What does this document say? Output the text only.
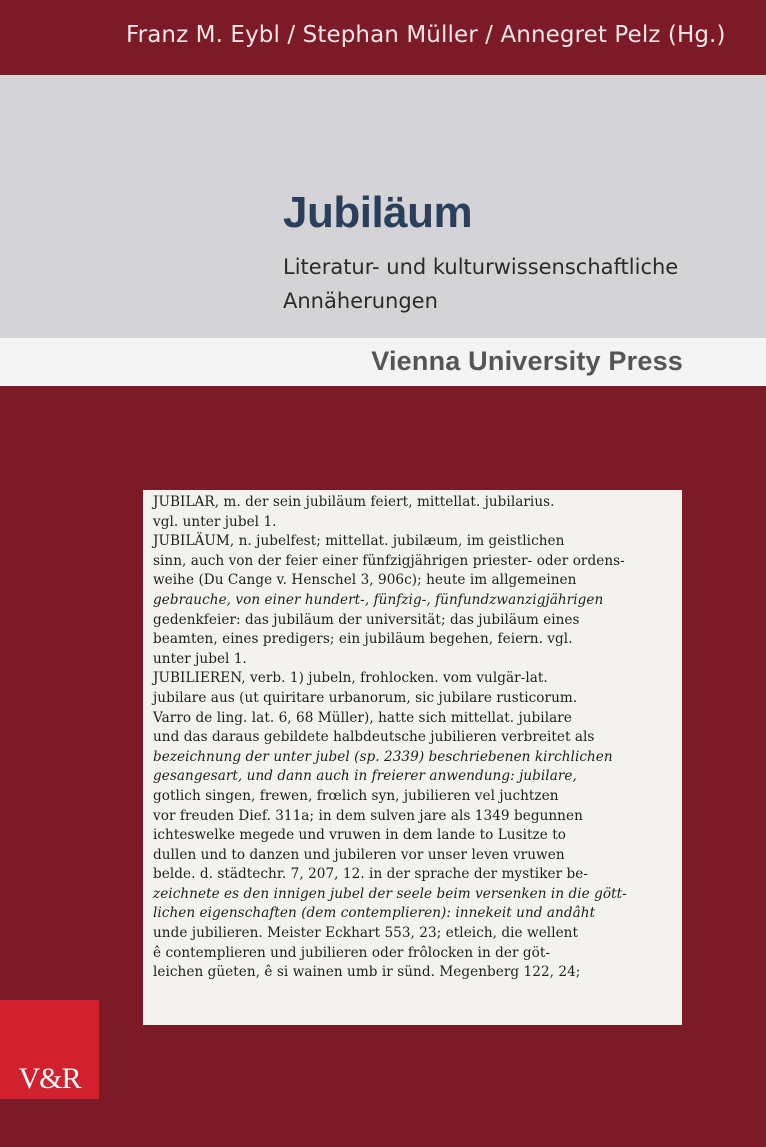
Franz M. Eybl / Stephan Müller / Annegret Pelz (Hg.)
Jubiläum
Literatur- und kulturwissenschaftliche
Annäherungen
Vienna University Press
JUBILAR, m. der sein jubiläum feiert, mittellat. jubilarius.
vgl. unter jubel 1.
JUBILÄUM, n. jubelfest; mittellat. jubilæum, im geistlichen
sinn, auch von der feier einer fünfzigjährigen priester- oder ordens-
weihe (Du Cange v. Henschel 3, 906c); heute im allgemeinen
gebrauche, von einer hundert-, fünfzig-, fünfundzwanzigjährigen
gedenkfeier: das jubiläum der universität; das jubiläum eines
beamten, eines predigers; ein jubiläum begehen, feiern. vgl.
unter jubel 1.
JUBILIEREN, verb. 1) jubeln, frohlocken. vom vulgär-lat.
jubilare aus (ut quiritare urbanorum, sic jubilare rusticorum.
Varro de ling. lat. 6, 68 Müller), hatte sich mittellat. jubilare
und das daraus gebildete halbdeutsche jubilieren verbreitet als
bezeichnung der unter jubel (sp. 2339) beschriebenen kirchlichen
gesangesart, und dann auch in freierer anwendung: jubilare,
gotlich singen, frewen, frœlich syn, jubilieren vel juchtzen
vor freuden Dief. 311a; in dem sulven jare als 1349 begunnen
ichteswelke megede und vruwen in dem lande to Lusitze to
dullen und to danzen und jubileren vor unser leven vruwen
belde. d. städtechr. 7, 207, 12. in der sprache der mystiker be-
zeichnete es den innigen jubel der seele beim versenken in die gött-
lichen eigenschaften (dem contemplieren): innekeit und andâht
unde jubilieren. Meister Eckhart 553, 23; etleich, die wellent
ê contemplieren und jubilieren oder frôlocken in der göt-
leichen güeten, ê si wainen umb ir sünd. Megenberg 122, 24;
V&R
